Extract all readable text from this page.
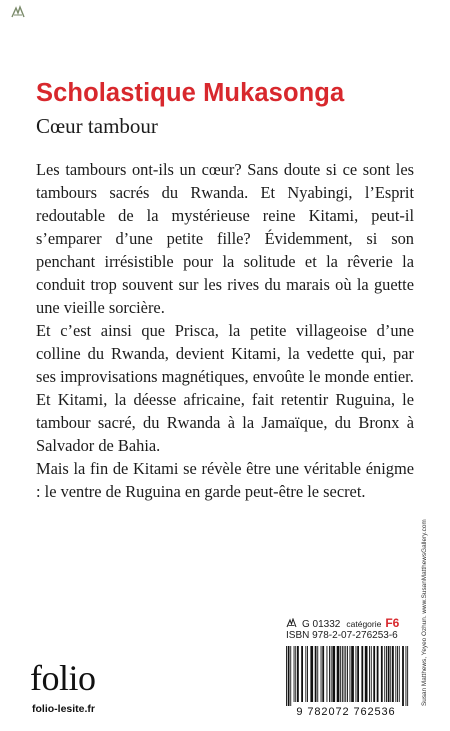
Scholastique Mukasonga
Cœur tambour

Les tambours ont-ils un cœur? Sans doute si ce sont les tambours sacrés du Rwanda. Et Nyabingi, l’Esprit redoutable de la mystérieuse reine Kitami, peut-il s’emparer d’une petite fille? Évidemment, si son penchant irrésistible pour la solitude et la rêverie la conduit trop souvent sur les rives du marais où la guette une vieille sorcière.

Et c’est ainsi que Prisca, la petite villageoise d’une colline du Rwanda, devient Kitami, la vedette qui, par ses improvisations magnétiques, envoûte le monde entier.

Et Kitami, la déesse africaine, fait retentir Ruguina, le tambour sacré, du Rwanda à la Jamaïque, du Bronx à Salvador de Bahia.

Mais la fin de Kitami se révèle être une véritable énigme : le ventre de Ruguina en garde peut-être le secret.

Susan Matthews, Yeyeo Ozhun. www.SusanMatthewsGallery.com
G 01332 catégorie F6
ISBN 978-2-07-276253-6
folio
folio-lesite.fr	9 782072 762536
